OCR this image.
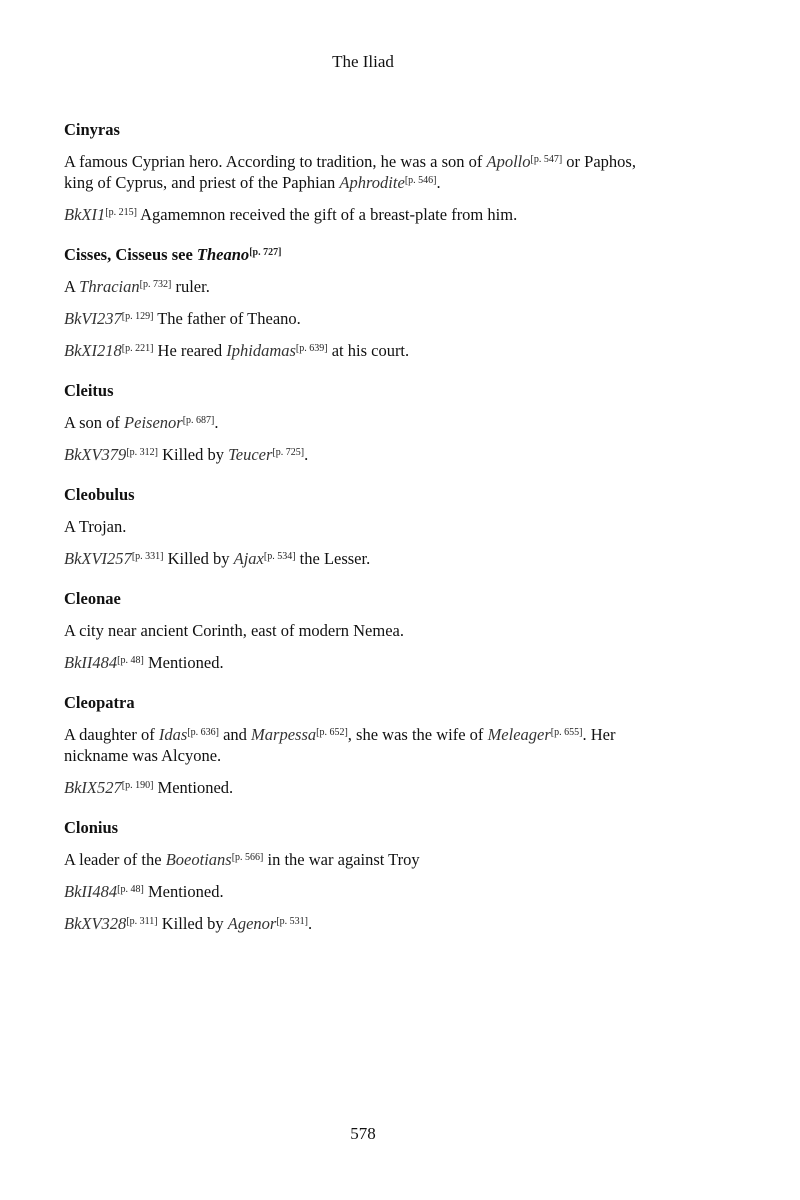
The Iliad
Cinyras
A famous Cyprian hero. According to tradition, he was a son of Apollo[p. 547] or Paphos, king of Cyprus, and priest of the Paphian Aphrodite[p. 546].
BkXI1[p. 215] Agamemnon received the gift of a breast-plate from him.
Cisses, Cisseus see Theano[p. 727]
A Thracian[p. 732] ruler.
BkVI237[p. 129] The father of Theano.
BkXI218[p. 221] He reared Iphidamas[p. 639] at his court.
Cleitus
A son of Peisenor[p. 687].
BkXV379[p. 312] Killed by Teucer[p. 725].
Cleobulus
A Trojan.
BkXVI257[p. 331] Killed by Ajax[p. 534] the Lesser.
Cleonae
A city near ancient Corinth, east of modern Nemea.
BkII484[p. 48] Mentioned.
Cleopatra
A daughter of Idas[p. 636] and Marpessa[p. 652], she was the wife of Meleager[p. 655]. Her nickname was Alcyone.
BkIX527[p. 190] Mentioned.
Clonius
A leader of the Boeotians[p. 566] in the war against Troy
BkII484[p. 48] Mentioned.
BkXV328[p. 311] Killed by Agenor[p. 531].
578
